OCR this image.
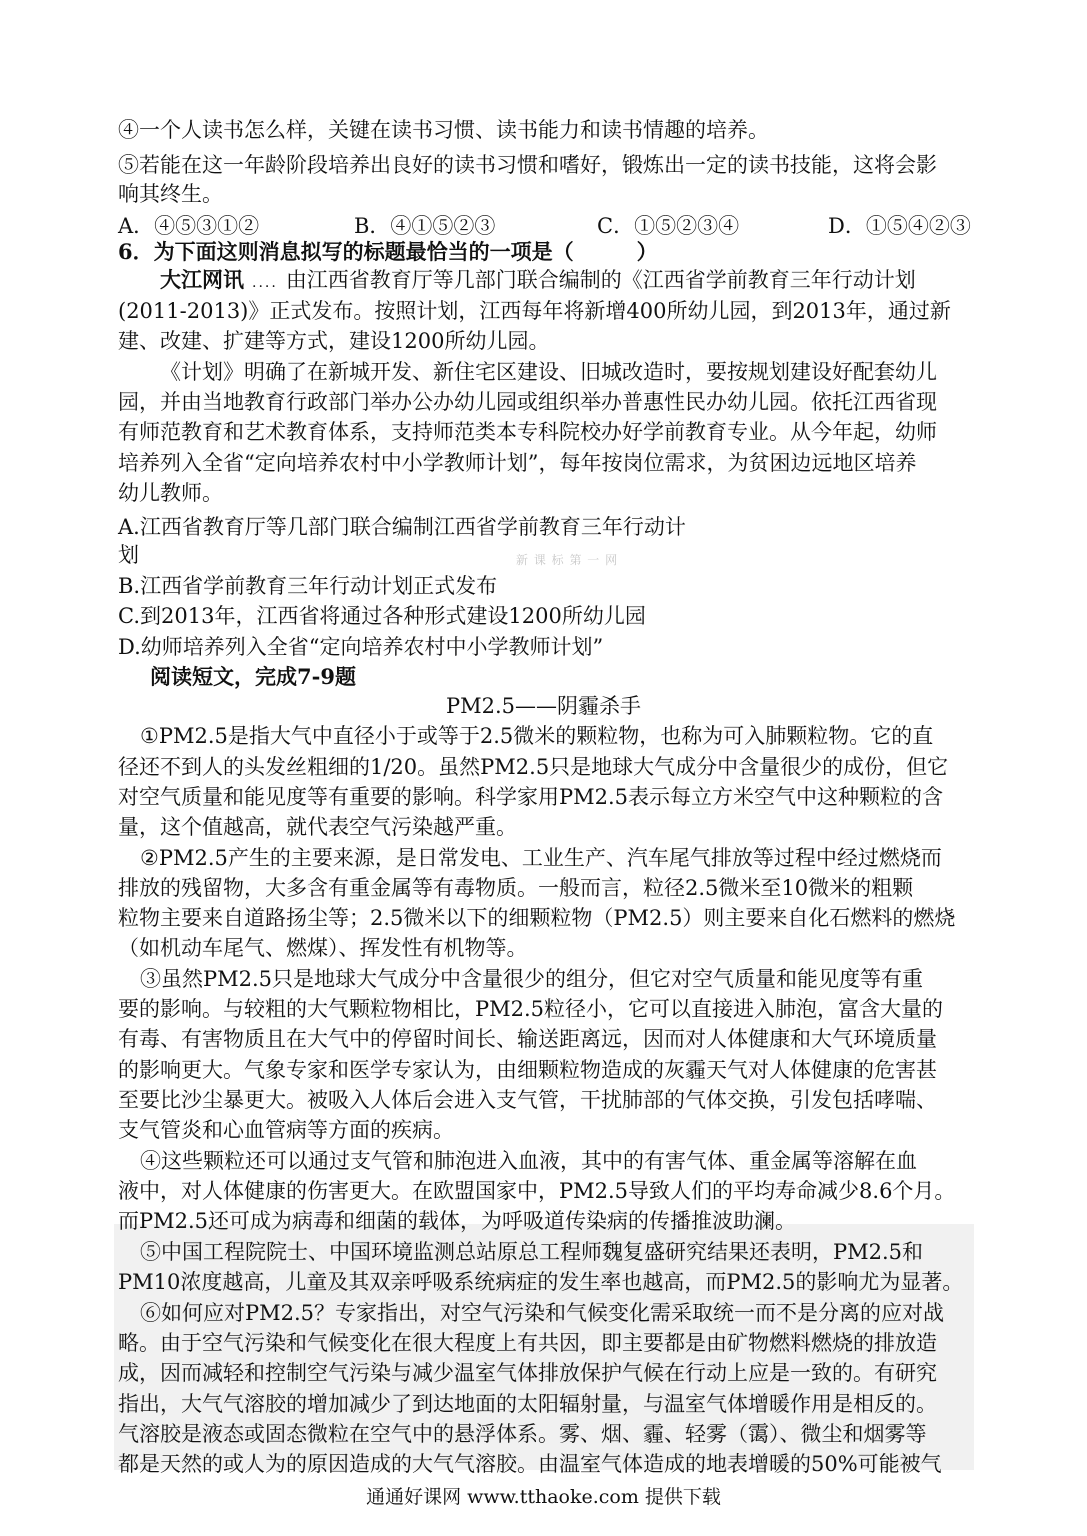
④一个人读书怎么样，关键在读书习惯、读书能力和读书情趣的培养。
⑤若能在这一年龄阶段培养出良好的读书习惯和嗜好，锻炼出一定的读书技能，这将会影
响其终生。
A．④⑤③①②	B．④①⑤②③	C．①⑤②③④	D．①⑤④②③
6．为下面这则消息拟写的标题最恰当的一项是（　　　）
大江网讯 .... 由江西省教育厅等几部门联合编制的《江西省学前教育三年行动计划
(2011-2013)》正式发布。按照计划，江西每年将新增400所幼儿园，到2013年，通过新
建、改建、扩建等方式，建设1200所幼儿园。
《计划》明确了在新城开发、新住宅区建设、旧城改造时，要按规划建设好配套幼儿
园，并由当地教育行政部门举办公办幼儿园或组织举办普惠性民办幼儿园。依托江西省现
有师范教育和艺术教育体系，支持师范类本专科院校办好学前教育专业。从今年起，幼师
培养列入全省“定向培养农村中小学教师计划”，每年按岗位需求，为贫困边远地区培养
幼儿教师。
A.江西省教育厅等几部门联合编制江西省学前教育三年行动计
划
B.江西省学前教育三年行动计划正式发布
新 课 标 第 一 网
C.到2013年，江西省将通过各种形式建设1200所幼儿园
D.幼师培养列入全省“定向培养农村中小学教师计划”
阅读短文，完成7-9题
PM2.5——阴霾杀手
①PM2.5是指大气中直径小于或等于2.5微米的颗粒物，也称为可入肺颗粒物。它的直
径还不到人的头发丝粗细的1/20。虽然PM2.5只是地球大气成分中含量很少的成份，但它
对空气质量和能见度等有重要的影响。科学家用PM2.5表示每立方米空气中这种颗粒的含
量，这个值越高，就代表空气污染越严重。
②PM2.5产生的主要来源，是日常发电、工业生产、汽车尾气排放等过程中经过燃烧而
排放的残留物，大多含有重金属等有毒物质。一般而言，粒径2.5微米至10微米的粗颗
粒物主要来自道路扬尘等；2.5微米以下的细颗粒物（PM2.5）则主要来自化石燃料的燃烧
（如机动车尾气、燃煤）、挥发性有机物等。
③虽然PM2.5只是地球大气成分中含量很少的组分，但它对空气质量和能见度等有重
要的影响。与较粗的大气颗粒物相比，PM2.5粒径小，它可以直接进入肺泡，富含大量的
有毒、有害物质且在大气中的停留时间长、输送距离远，因而对人体健康和大气环境质量
的影响更大。气象专家和医学专家认为，由细颗粒物造成的灰霾天气对人体健康的危害甚
至要比沙尘暴更大。被吸入人体后会进入支气管，干扰肺部的气体交换，引发包括哮喘、
支气管炎和心血管病等方面的疾病。
④这些颗粒还可以通过支气管和肺泡进入血液，其中的有害气体、重金属等溶解在血
液中，对人体健康的伤害更大。在欧盟国家中，PM2.5导致人们的平均寿命减少8.6个月。
而PM2.5还可成为病毒和细菌的载体，为呼吸道传染病的传播推波助澜。
⑤中国工程院院士、中国环境监测总站原总工程师魏复盛研究结果还表明，PM2.5和
PM10浓度越高，儿童及其双亲呼吸系统病症的发生率也越高，而PM2.5的影响尤为显著。
⑥如何应对PM2.5？专家指出，对空气污染和气候变化需采取统一而不是分离的应对战
略。由于空气污染和气候变化在很大程度上有共因，即主要都是由矿物燃料燃烧的排放造
成，因而减轻和控制空气污染与减少温室气体排放保护气候在行动上应是一致的。有研究
指出，大气气溶胶的增加减少了到达地面的太阳辐射量，与温室气体增暖作用是相反的。
气溶胶是液态或固态微粒在空气中的悬浮体系。雾、烟、霾、轻雾（霭）、微尘和烟雾等
都是天然的或人为的原因造成的大气气溶胶。由温室气体造成的地表增暖的50%可能被气
通通好课网 www.tthaoke.com 提供下载
